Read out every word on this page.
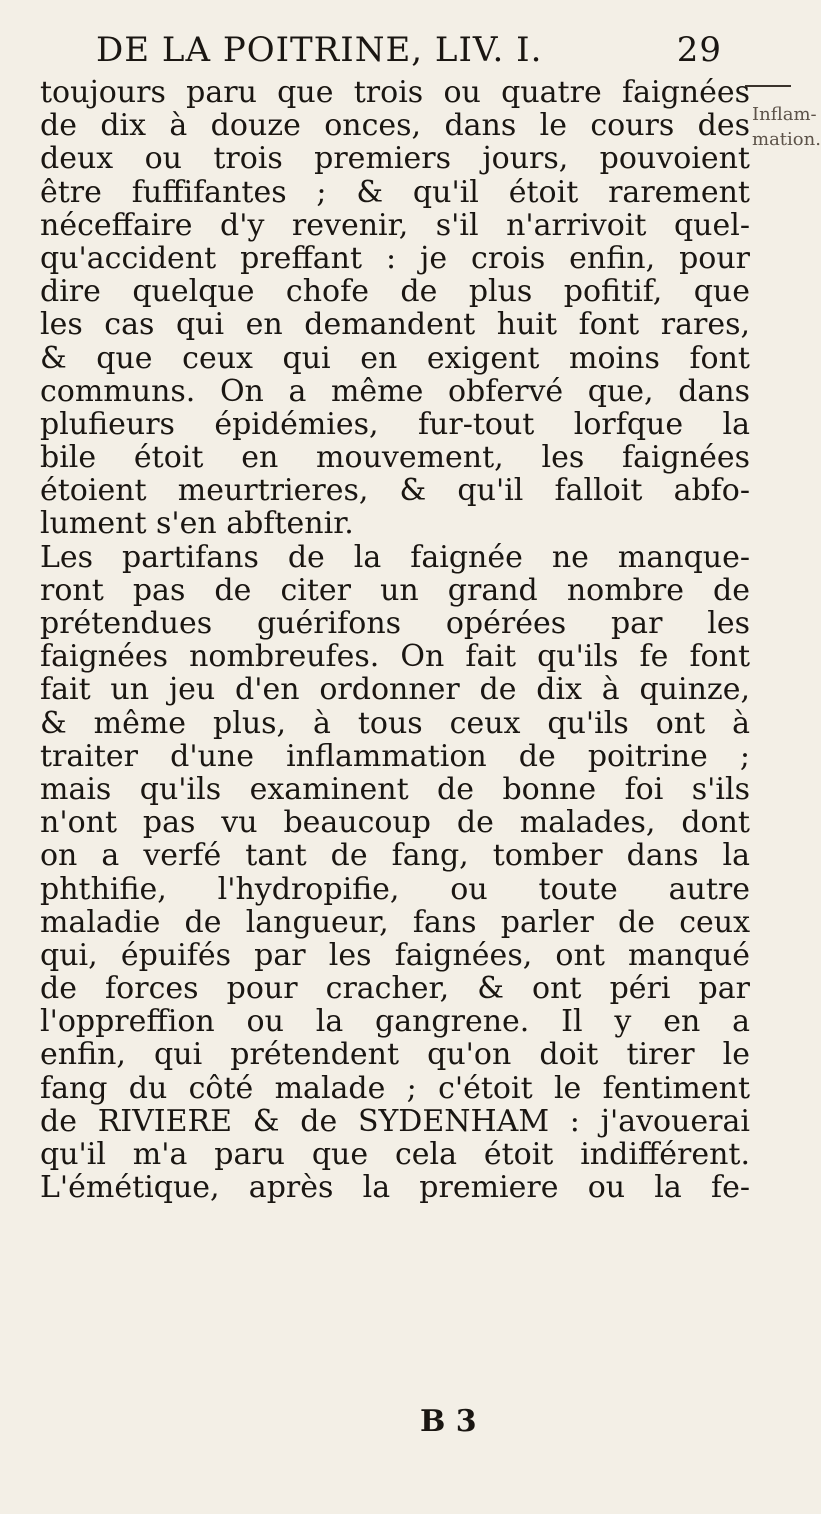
DE LA POITRINE, LIV. I.	29
Inflam-
mation.
toujours paru que trois ou quatre faignées
de dix à douze onces, dans le cours des
deux ou trois premiers jours, pouvoient
être fuffifantes ; & qu'il étoit rarement
néceffaire d'y revenir, s'il n'arrivoit quel-
qu'accident preffant : je crois enfin, pour
dire quelque chofe de plus pofitif, que
les cas qui en demandent huit font rares,
& que ceux qui en exigent moins font
communs. On a même obfervé que, dans
plufieurs épidémies, fur-tout lorfque la
bile étoit en mouvement, les faignées
étoient meurtrieres, & qu'il falloit abfo-
lument s'en abftenir.
Les partifans de la faignée ne manque-
ront pas de citer un grand nombre de
prétendues guérifons opérées par les
faignées nombreufes. On fait qu'ils fe font
fait un jeu d'en ordonner de dix à quinze,
& même plus, à tous ceux qu'ils ont à
traiter d'une inflammation de poitrine ;
mais qu'ils examinent de bonne foi s'ils
n'ont pas vu beaucoup de malades, dont
on a verfé tant de fang, tomber dans la
phthifie, l'hydropifie, ou toute autre
maladie de langueur, fans parler de ceux
qui, épuifés par les faignées, ont manqué
de forces pour cracher, & ont péri par
l'oppreffion ou la gangrene. Il y en a
enfin, qui prétendent qu'on doit tirer le
fang du côté malade ; c'étoit le fentiment
de RIVIERE & de SYDENHAM : j'avouerai
qu'il m'a paru que cela étoit indifférent.
L'émétique, après la premiere ou la fe-
B 3
